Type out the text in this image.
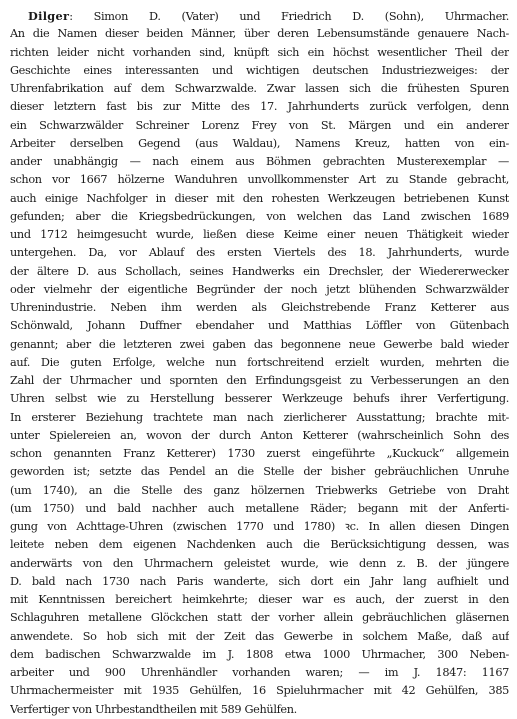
Dilger: Simon D. (Vater) und Friedrich D. (Sohn), Uhrmacher.
An die Namen dieser beiden Männer, über deren Lebensumstände genauere Nach-
richten leider nicht vorhanden sind, knüpft sich ein höchst wesentlicher Theil der
Geschichte eines interessanten und wichtigen deutschen Industriezweiges: der
Uhrenfabrikation auf dem Schwarzwalde. Zwar lassen sich die frühesten Spuren
dieser letztern fast bis zur Mitte des 17. Jahrhunderts zurück verfolgen, denn
ein Schwarzwälder Schreiner Lorenz Frey von St. Märgen und ein anderer
Arbeiter derselben Gegend (aus Waldau), Namens Kreuz, hatten von ein-
ander unabhängig — nach einem aus Böhmen gebrachten Musterexemplar —
schon vor 1667 hölzerne Wanduhren unvollkommenster Art zu Stande gebracht,
auch einige Nachfolger in dieser mit den rohesten Werkzeugen betriebenen Kunst
gefunden; aber die Kriegsbedrückungen, von welchen das Land zwischen 1689
und 1712 heimgesucht wurde, ließen diese Keime einer neuen Thätigkeit wieder
untergehen. Da, vor Ablauf des ersten Viertels des 18. Jahrhunderts, wurde
der ältere D. aus Schollach, seines Handwerks ein Drechsler, der Wiedererwecker
oder vielmehr der eigentliche Begründer der noch jetzt blühenden Schwarzwälder
Uhrenindustrie. Neben ihm werden als Gleichstrebende Franz Ketterer aus
Schönwald, Johann Duffner ebendaher und Matthias Löffler von Gütenbach
genannt; aber die letzteren zwei gaben das begonnene neue Gewerbe bald wieder
auf. Die guten Erfolge, welche nun fortschreitend erzielt wurden, mehrten die
Zahl der Uhrmacher und spornten den Erfindungsgeist zu Verbesserungen an den
Uhren selbst wie zu Herstellung besserer Werkzeuge behufs ihrer Verfertigung.
In ersterer Beziehung trachtete man nach zierlicherer Ausstattung; brachte mit-
unter Spielereien an, wovon der durch Anton Ketterer (wahrscheinlich Sohn des
schon genannten Franz Ketterer) 1730 zuerst eingeführte „Kuckuck“ allgemein
geworden ist; setzte das Pendel an die Stelle der bisher gebräuchlichen Unruhe
(um 1740), an die Stelle des ganz hölzernen Triebwerks Getriebe von Draht
(um 1750) und bald nachher auch metallene Räder; begann mit der Anferti-
gung von Achttage-Uhren (zwischen 1770 und 1780) ꝛc. In allen diesen Dingen
leitete neben dem eigenen Nachdenken auch die Berücksichtigung dessen, was
anderwärts von den Uhrmachern geleistet wurde, wie denn z. B. der jüngere
D. bald nach 1730 nach Paris wanderte, sich dort ein Jahr lang aufhielt und
mit Kenntnissen bereichert heimkehrte; dieser war es auch, der zuerst in den
Schlaguhren metallene Glöckchen statt der vorher allein gebräuchlichen gläsernen
anwendete. So hob sich mit der Zeit das Gewerbe in solchem Maße, daß auf
dem badischen Schwarzwalde im J. 1808 etwa 1000 Uhrmacher, 300 Neben-
arbeiter und 900 Uhrenhändler vorhanden waren; — im J. 1847: 1167
Uhrmachermeister mit 1935 Gehülfen, 16 Spieluhrmacher mit 42 Gehülfen, 385
Verfertiger von Uhrbestandtheilen mit 589 Gehülfen.
